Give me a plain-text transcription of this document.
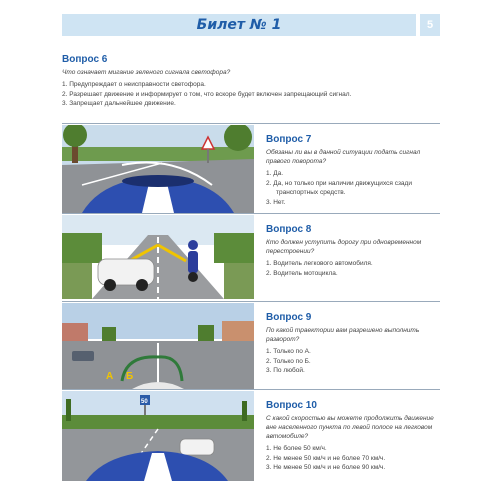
Билет № 1	5
Вопрос 6
Что означает мигание зеленого сигнала светофора?
1. Предупреждает о неисправности светофора.
2. Разрешает движение и информирует о том, что вскоре будет включен запрещающий сигнал.
3. Запрещает дальнейшее движение.
Вопрос 7
Обязаны ли вы в данной ситуации подать сигнал правого поворота?
1. Да.
2. Да, но только при наличии движущихся сзади транспортных средств.
3. Нет.
Вопрос 8
Кто должен уступить дорогу при одновременном перестроении?
1. Водитель легкового автомобиля.
2. Водитель мотоцикла.
А Б
Вопрос 9
По какой траектории вам разрешено выполнить разворот?
1. Только по А.
2. Только по Б.
3. По любой.
50	Вопрос 10
С какой скоростью вы можете продолжить движение вне населенного пункта по левой полосе на легковом автомобиле?
1. Не более 50 км/ч.
2. Не менее 50 км/ч и не более 70 км/ч.
3. Не менее 50 км/ч и не более 90 км/ч.
